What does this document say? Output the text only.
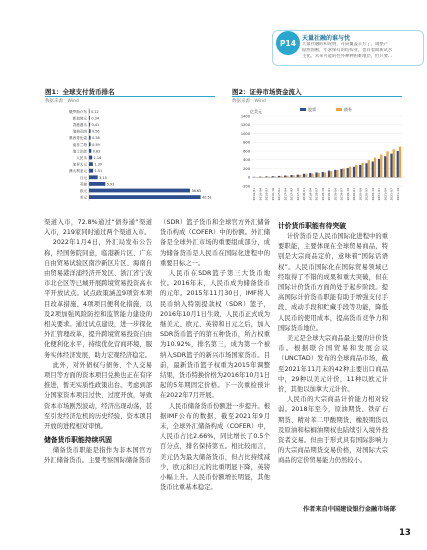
P14	天量社融的谁与忧
天量社融的和说明，开局覆盖京方了，调整产
稳然固断，年求保有的结构业，也有着期新试水
主化。未来可能的往外种种困难理层，但只要…
图1：全球支付货币排名
数据来源：Wind
俄罗斯卢布 0.12
新加坡元 0.34
香港港币 0.41
瑞典克朗 0.56
墨西哥比索 0.58
南非兰特 0.59
瑞士法郎 0.83
人民币 1.16
加拿大元 1.39
澳大利亚元 1.51
日元	3.15
英镑	5.92
欧元	36.65
美元	40.51
图2：证券市场资金流入
数据来源：Wind
亿美元	股票	债券
1400
1200
1000
800
600
400
200
0
-200
2016-01 2016-04 2016-07 2016-10 2017-01 2017-04 2017-07 2017-10 2018-01 2018-04 2018-07 2018-10 2019-01 2019-04 2019-07 2019-10 2020-01 2020-04 2020-07 2020-10 2021-01 2021-04 2021-07 2021-10

渠道入市，72.8%通过“债券通”渠道入市，219家同时通过两个渠道入市。

2022年1月4日，外汇局发布公告称，经国务院同意，临港新片区、广东自由贸易试验区南沙新区片区、海南自由贸易港洋浦经济开发区、浙江省宁波市北仑区等已城开展跨境贸易投资高水平开放试点。试点政策涵盖9项资本项目改革措施、4项项目便利化措施，以及2项加强风险防控和监管能力建设的相关要求。通过试点建设，进一步探化外汇管理改革，提升跨境贸易投资自由化便利化水平，持续优化营商环境，服务实体经济发展，助力宏观经济稳定。

此外，对外债权与债务、个人交易项目等方面的资本项目兑换也正在有序推进，暂无实质性政策出台。考虑到部分国家资本项目过快、过度开放，导致资本市场剧烈波动，经济出现动荡，甚至引发经济危机的历史经验，资本项目开放的进程相对审慎。

储备货币职能持续巩固

储备货币职能是指作为非本国官方外汇储备货币。主要考察国际储备货币

（SDR）篮子货币和全球官方外汇储备货币构成（COFER）中的份额。外汇储备是全球外汇市场的重要组成部分，成为储备货币是人民币在国际化进程中的重要目标之一。

人民币在SDR篮子第三大货币地位。2016年末，人民币成为储备货币的元年。2015年11月30日，IMF将人民币纳入特别提款权（SDR）篮子，2016年10月1日生效，人民币正式成为继美元、欧元、英镑和日元之后，加入SDR货币篮子的第五种货币，所占权重为10.92%，排名第三，成为第一个被纳入SDR篮子的新兴市场国家货币。目前，最新货币篮子权重为2015年调整结果，货币特换价格为2016年10月1日起的5年期固定价格。下一次重检预计在2022年7月开展。

人民币储备货币份额进一步提升。根据IMF公布的数据，截至2021年9月末，全球外汇储备构成（COFER）中，人民币占比2.66%，同比增长了0.5个百分点，排名保持第五。相比较而言，美元仍为最大储备货币，但占比持续减少，欧元和日元的比重明显下降，英镑小幅上升。人民币份额增长明显，其他货币比重基本稳定。

计价货币职能有待突破

计价货币是人民币国际化进程中的重要职能，主要体现在全球贸易商品，特别是大宗商品定价，意味着“国际话语权”。人民币国际化在国际贸易领域已经取得了不错的成果和重大突破，但在国际计价货币方面尚处于起步阶段。提高国际计价货币职能有助于增强支付手段、成动手段和贮藏手段等功能，降低人民币的使用成本，提高货币竞争力和国际货币地位。

美元是全球大宗商品最主要的计价货币。根据联合国贸易和发展会议（UNCTAD）发布的全球商品市场，截至2021年11月末的42种主要出口商品中，29种以美元计价，11种以欧元计价，其他以加拿大元计价。

人民币的大宗商品计价能力相对较弱。2018年至今，原油期货、铁矿石期货、精对苯二甲酸期货、橡胶期货以及原油和棕榈油期权也陆续引入境外投资者交易。但由于形式具有国际影响力的大宗商品期货交易价格，对国际大宗商品的定价贸易能力仍然较小。

作者来自中国建设银行金融市场部
13
